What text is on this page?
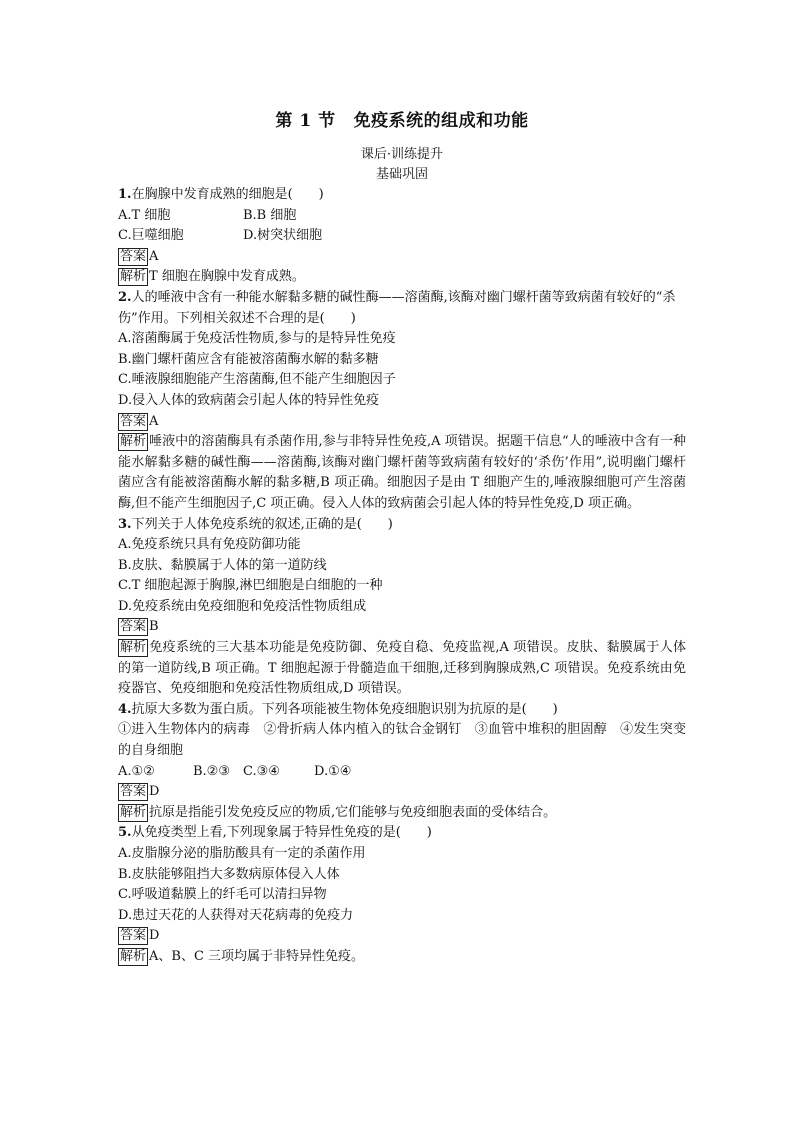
第 1 节 免疫系统的组成和功能
课后·训练提升
基础巩固
1.在胸腺中发育成熟的细胞是(　　)
A.T 细胞	B.B 细胞
C.巨噬细胞	D.树突状细胞
答案 A
解析 T 细胞在胸腺中发育成熟。
2.人的唾液中含有一种能水解黏多糖的碱性酶——溶菌酶,该酶对幽门螺杆菌等致病菌有较好的“杀伤”作用。下列相关叙述不合理的是(　　)
A.溶菌酶属于免疫活性物质,参与的是特异性免疫
B.幽门螺杆菌应含有能被溶菌酶水解的黏多糖
C.唾液腺细胞能产生溶菌酶,但不能产生细胞因子
D.侵入人体的致病菌会引起人体的特异性免疫
答案 A
解析 唾液中的溶菌酶具有杀菌作用,参与非特异性免疫,A 项错误。据题干信息“人的唾液中含有一种能水解黏多糖的碱性酶——溶菌酶,该酶对幽门螺杆菌等致病菌有较好的‘杀伤’作用”,说明幽门螺杆菌应含有能被溶菌酶水解的黏多糖,B 项正确。细胞因子是由 T 细胞产生的,唾液腺细胞可产生溶菌酶,但不能产生细胞因子,C 项正确。侵入人体的致病菌会引起人体的特异性免疫,D 项正确。
3.下列关于人体免疫系统的叙述,正确的是(　　)
A.免疫系统只具有免疫防御功能
B.皮肤、黏膜属于人体的第一道防线
C.T 细胞起源于胸腺,淋巴细胞是白细胞的一种
D.免疫系统由免疫细胞和免疫活性物质组成
答案 B
解析 免疫系统的三大基本功能是免疫防御、免疫自稳、免疫监视,A 项错误。皮肤、黏膜属于人体的第一道防线,B 项正确。T 细胞起源于骨髓造血干细胞,迁移到胸腺成熟,C 项错误。免疫系统由免疫器官、免疫细胞和免疫活性物质组成,D 项错误。
4.抗原大多数为蛋白质。下列各项能被生物体免疫细胞识别为抗原的是(　　)
①进入生物体内的病毒　②骨折病人体内植入的钛合金钢钉　③血管中堆积的胆固醇　④发生突变的自身细胞
A.①②	B.②③ C.③④	D.①④
答案 D
解析 抗原是指能引发免疫反应的物质,它们能够与免疫细胞表面的受体结合。
5.从免疫类型上看,下列现象属于特异性免疫的是(　　)
A.皮脂腺分泌的脂肪酸具有一定的杀菌作用
B.皮肤能够阻挡大多数病原体侵入人体
C.呼吸道黏膜上的纤毛可以清扫异物
D.患过天花的人获得对天花病毒的免疫力
答案 D
解析 A、B、C 三项均属于非特异性免疫。
